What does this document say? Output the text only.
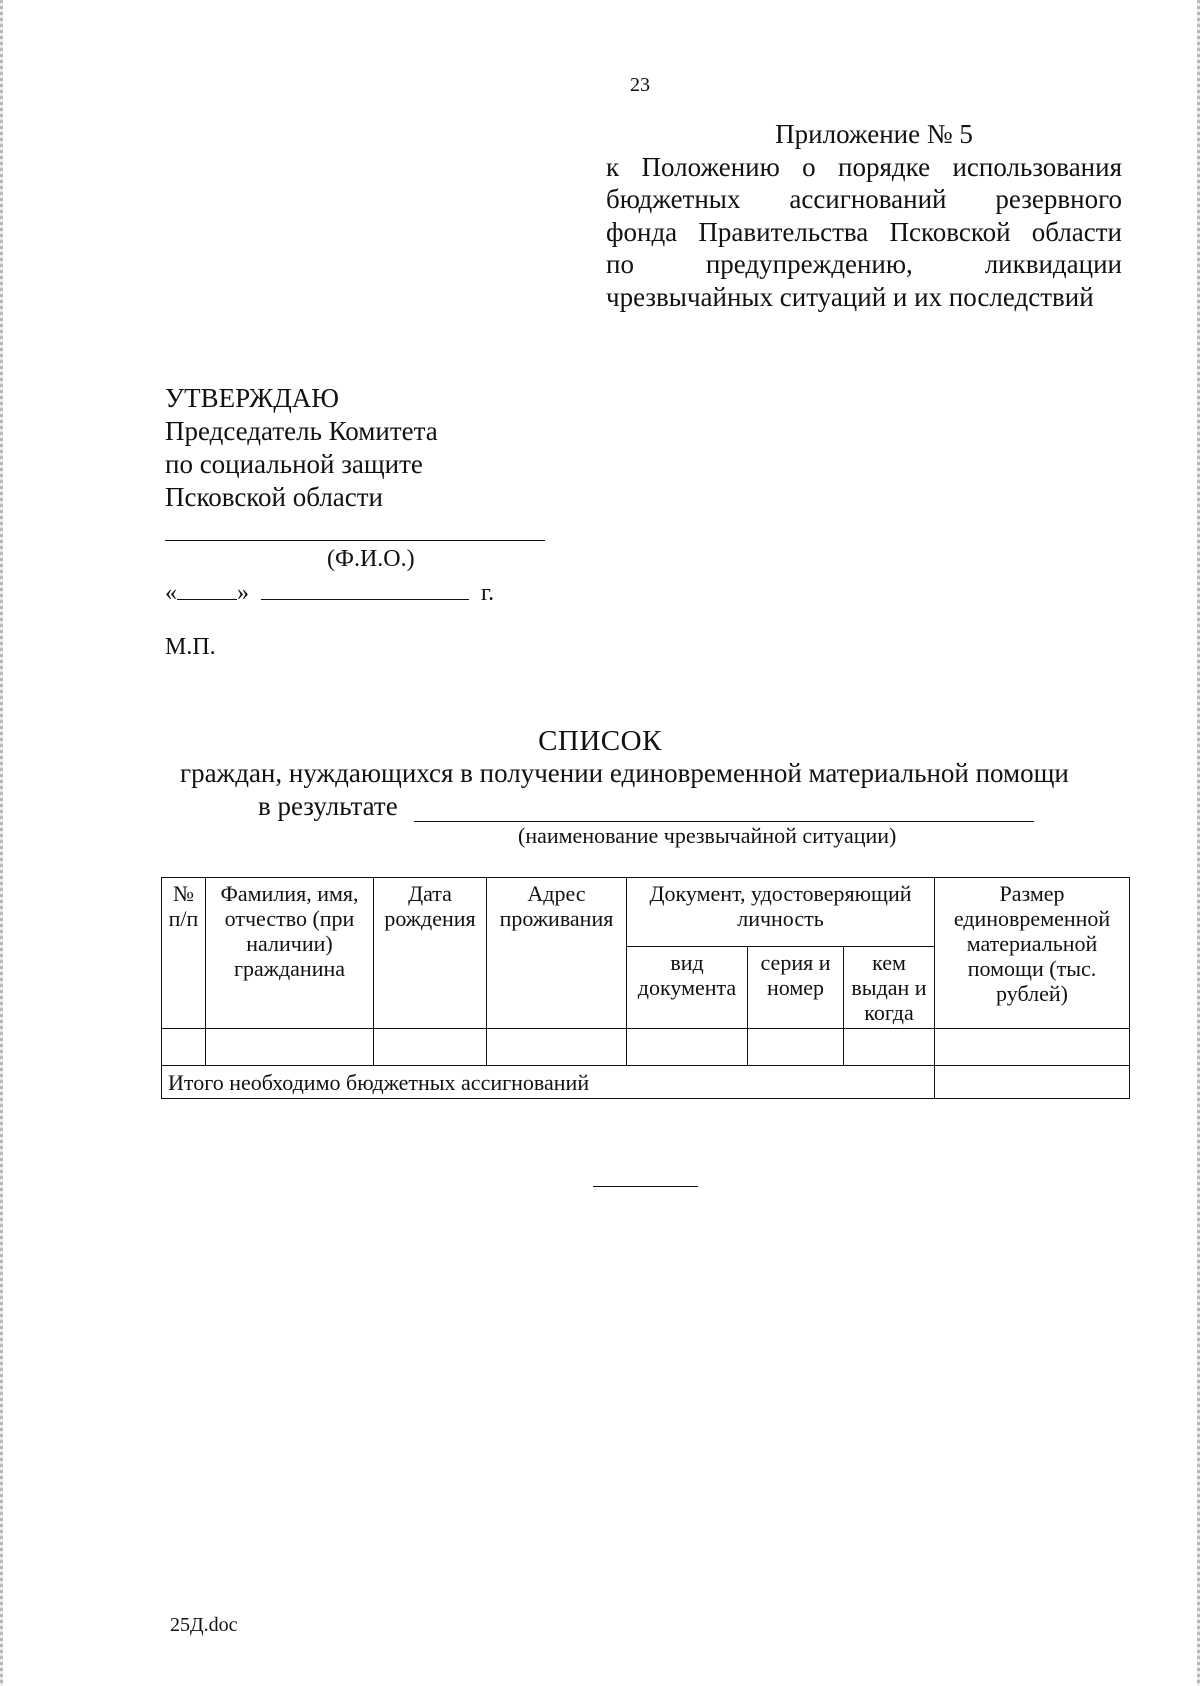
23
Приложение № 5
к Положению о порядке использования
бюджетных ассигнований резервного
фонда Правительства Псковской области
по предупреждению, ликвидации
чрезвычайных ситуаций и их последствий
УТВЕРЖДАЮ
Председатель Комитета
по социальной защите
Псковской области
(Ф.И.О.)
«	»	г.
М.П.
СПИСОК
граждан, нуждающихся в получении единовременной материальной помощи
в результате
(наименование чрезвычайной ситуации)
№ п/п	Фамилия, имя, отчество (при наличии) гражданина	Дата рождения	Адрес проживания	Документ, удостоверяющий личность			Размер единовременной материальной помощи (тыс. рублей)
				вид документа	серия и номер	кем выдан и когда	

Итого необходимо бюджетных ассигнований							
25Д.doc
